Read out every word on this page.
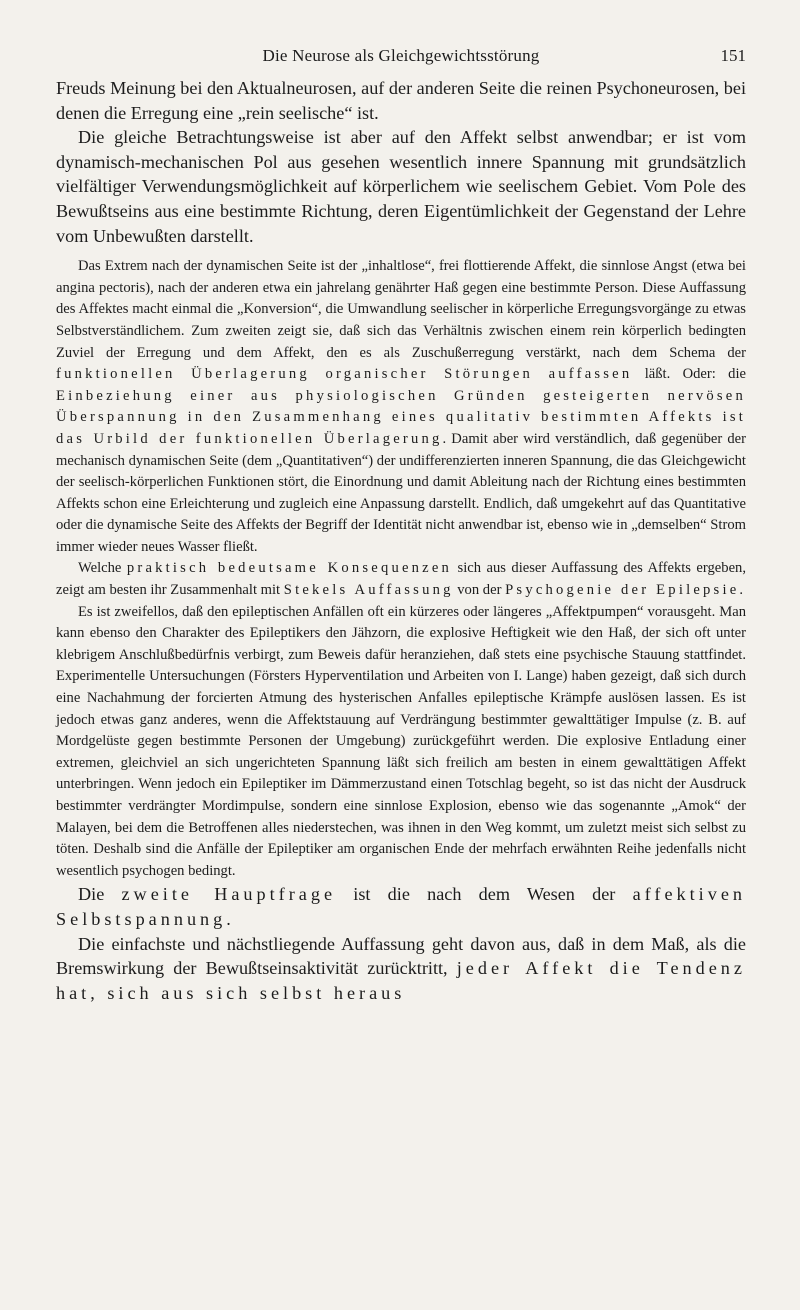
Die Neurose als Gleichgewichtsstörung	151

Freuds Meinung bei den Aktualneurosen, auf der anderen Seite die reinen Psychoneurosen, bei denen die Erregung eine „rein seelische“ ist.

Die gleiche Betrachtungsweise ist aber auf den Affekt selbst anwendbar; er ist vom dynamisch-mechanischen Pol aus gesehen wesentlich innere Spannung mit grundsätzlich vielfältiger Verwendungsmöglichkeit auf körperlichem wie seelischem Gebiet. Vom Pole des Bewußtseins aus eine bestimmte Richtung, deren Eigentümlichkeit der Gegenstand der Lehre vom Unbewußten darstellt.

Das Extrem nach der dynamischen Seite ist der „inhaltlose“, frei flottierende Affekt, die sinnlose Angst (etwa bei angina pectoris), nach der anderen etwa ein jahrelang genährter Haß gegen eine bestimmte Person. Diese Auffassung des Affektes macht einmal die „Konversion“, die Umwandlung seelischer in körperliche Erregungsvorgänge zu etwas Selbstverständlichem. Zum zweiten zeigt sie, daß sich das Verhältnis zwischen einem rein körperlich bedingten Zuviel der Erregung und dem Affekt, den es als Zuschußerregung verstärkt, nach dem Schema der funktionellen Überlagerung organischer Störungen auffassen läßt. Oder: die Einbeziehung einer aus physiologischen Gründen gesteigerten nervösen Überspannung in den Zusammenhang eines qualitativ bestimmten Affekts ist das Urbild der funktionellen Überlagerung. Damit aber wird verständlich, daß gegenüber der mechanisch dynamischen Seite (dem „Quantitativen“) der undifferenzierten inneren Spannung, die das Gleichgewicht der seelisch-körperlichen Funktionen stört, die Einordnung und damit Ableitung nach der Richtung eines bestimmten Affekts schon eine Erleichterung und zugleich eine Anpassung darstellt. Endlich, daß umgekehrt auf das Quantitative oder die dynamische Seite des Affekts der Begriff der Identität nicht anwendbar ist, ebenso wie in „demselben“ Strom immer wieder neues Wasser fließt.

Welche praktisch bedeutsame Konsequenzen sich aus dieser Auffassung des Affekts ergeben, zeigt am besten ihr Zusammenhalt mit Stekels Auffassung von der Psychogenie der Epilepsie.

Es ist zweifellos, daß den epileptischen Anfällen oft ein kürzeres oder längeres „Affektpumpen“ vorausgeht. Man kann ebenso den Charakter des Epileptikers den Jähzorn, die explosive Heftigkeit wie den Haß, der sich oft unter klebrigem Anschlußbedürfnis verbirgt, zum Beweis dafür heranziehen, daß stets eine psychische Stauung stattfindet. Experimentelle Untersuchungen (Försters Hyperventilation und Arbeiten von I. Lange) haben gezeigt, daß sich durch eine Nachahmung der forcierten Atmung des hysterischen Anfalles epileptische Krämpfe auslösen lassen. Es ist jedoch etwas ganz anderes, wenn die Affektstauung auf Verdrängung bestimmter gewalttätiger Impulse (z. B. auf Mordgelüste gegen bestimmte Personen der Umgebung) zurückgeführt werden. Die explosive Entladung einer extremen, gleichviel an sich ungerichteten Spannung läßt sich freilich am besten in einem gewalttätigen Affekt unterbringen. Wenn jedoch ein Epileptiker im Dämmerzustand einen Totschlag begeht, so ist das nicht der Ausdruck bestimmter verdrängter Mordimpulse, sondern eine sinnlose Explosion, ebenso wie das sogenannte „Amok“ der Malayen, bei dem die Betroffenen alles niederstechen, was ihnen in den Weg kommt, um zuletzt meist sich selbst zu töten. Deshalb sind die Anfälle der Epileptiker am organischen Ende der mehrfach erwähnten Reihe jedenfalls nicht wesentlich psychogen bedingt.

Die zweite Hauptfrage ist die nach dem Wesen der affektiven Selbstspannung.

Die einfachste und nächstliegende Auffassung geht davon aus, daß in dem Maß, als die Bremswirkung der Bewußtseinsaktivität zurücktritt, jeder Affekt die Tendenz hat, sich aus sich selbst heraus
